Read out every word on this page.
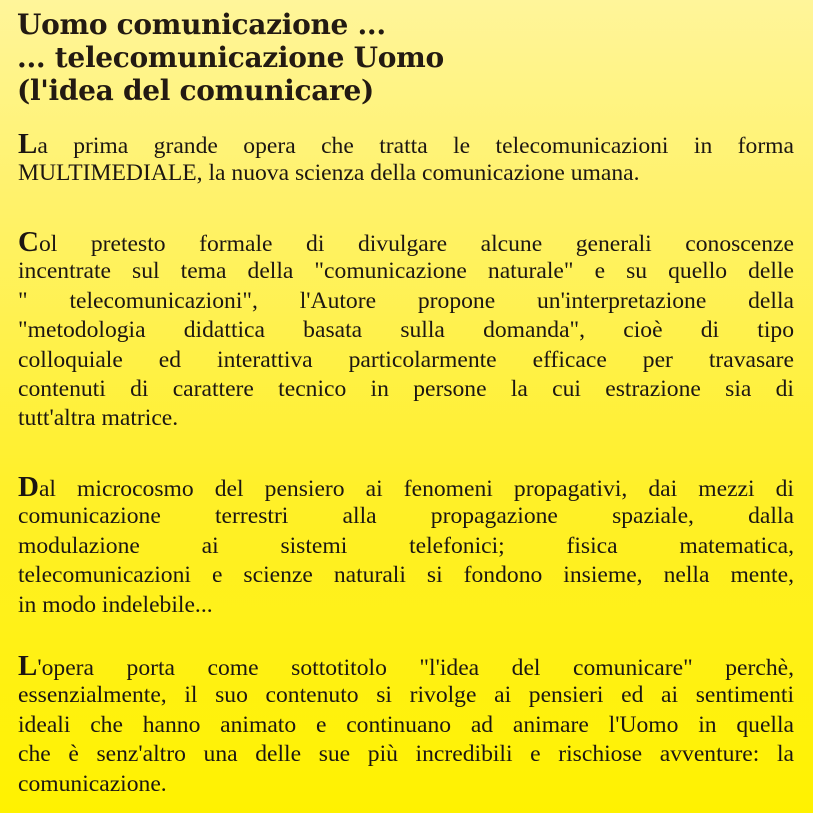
Uomo comunicazione ...
... telecomunicazione Uomo
(l'idea del comunicare)
La prima grande opera che tratta le telecomunicazioni in forma
MULTIMEDIALE, la nuova scienza della comunicazione umana.
Col pretesto formale di divulgare alcune generali conoscenze
incentrate sul tema della "comunicazione naturale" e su quello delle
" telecomunicazioni", l'Autore propone un'interpretazione della
"metodologia didattica basata sulla domanda", cioè di tipo
colloquiale ed interattiva particolarmente efficace per travasare
contenuti di carattere tecnico in persone la cui estrazione sia di
tutt'altra matrice.
Dal microcosmo del pensiero ai fenomeni propagativi, dai mezzi di
comunicazione terrestri alla propagazione spaziale, dalla
modulazione ai sistemi telefonici; fisica matematica,
telecomunicazioni e scienze naturali si fondono insieme, nella mente,
in modo indelebile...
L'opera porta come sottotitolo "l'idea del comunicare" perchè,
essenzialmente, il suo contenuto si rivolge ai pensieri ed ai sentimenti
ideali che hanno animato e continuano ad animare l'Uomo in quella
che è senz'altro una delle sue più incredibili e rischiose avventure: la
comunicazione.
